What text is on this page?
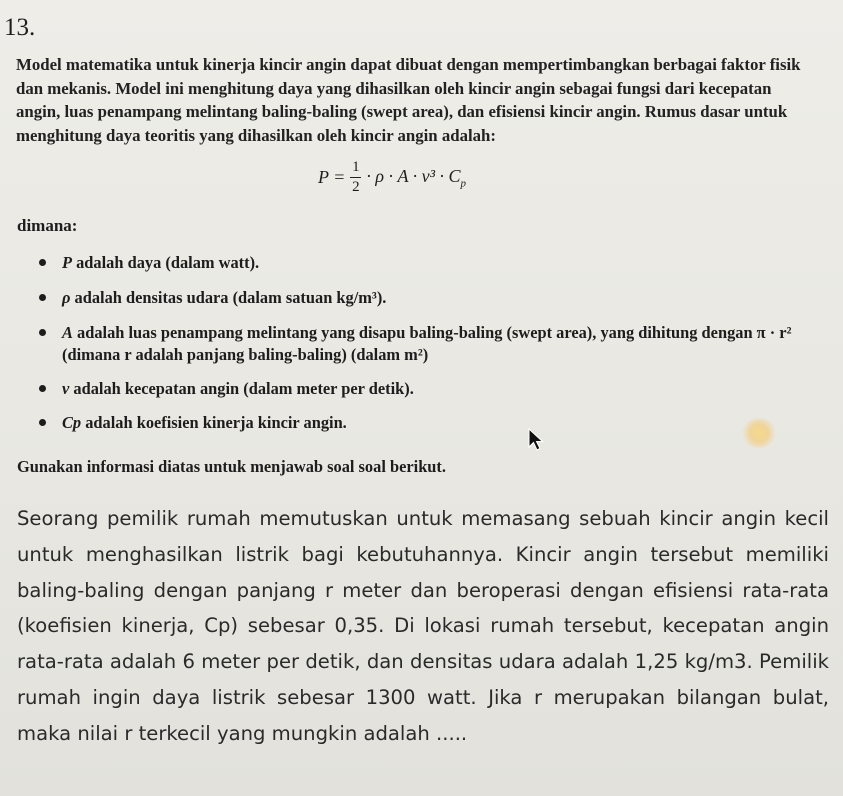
13.
Model matematika untuk kinerja kincir angin dapat dibuat dengan mempertimbangkan berbagai faktor fisik dan mekanis. Model ini menghitung daya yang dihasilkan oleh kincir angin sebagai fungsi dari kecepatan angin, luas penampang melintang baling-baling (swept area), dan efisiensi kincir angin. Rumus dasar untuk menghitung daya teoritis yang dihasilkan oleh kincir angin adalah:
$P = \frac{1}{2} \cdot \rho \cdot A \cdot v^3 \cdot C_p$
dimana:
P adalah daya (dalam watt).
ρ adalah densitas udara (dalam satuan kg/m³).
A adalah luas penampang melintang yang disapu baling-baling (swept area), yang dihitung dengan π · r² (dimana r adalah panjang baling-baling) (dalam m²)
v adalah kecepatan angin (dalam meter per detik).
Cp adalah koefisien kinerja kincir angin.
Gunakan informasi diatas untuk menjawab soal soal berikut.
Seorang pemilik rumah memutuskan untuk memasang sebuah kincir angin kecil untuk menghasilkan listrik bagi kebutuhannya. Kincir angin tersebut memiliki baling-baling dengan panjang r meter dan beroperasi dengan efisiensi rata-rata (koefisien kinerja, Cp) sebesar 0,35. Di lokasi rumah tersebut, kecepatan angin rata-rata adalah 6 meter per detik, dan densitas udara adalah 1,25 kg/m3. Pemilik rumah ingin daya listrik sebesar 1300 watt. Jika r merupakan bilangan bulat, maka nilai r terkecil yang mungkin adalah .....
